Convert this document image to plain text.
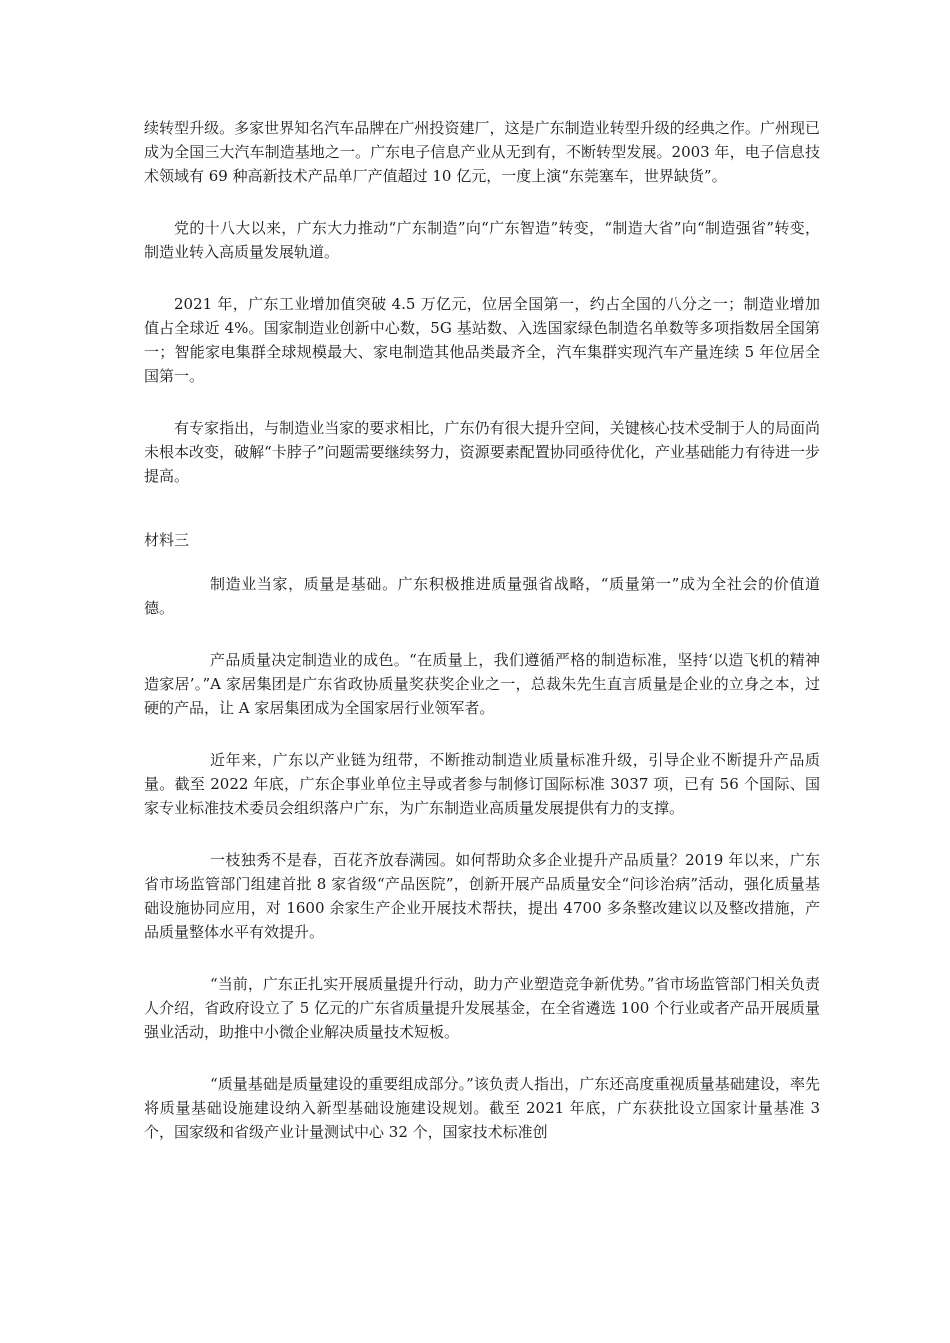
续转型升级。多家世界知名汽车品牌在广州投资建厂，这是广东制造业转型升级的经典之作。广州现已成为全国三大汽车制造基地之一。广东电子信息产业从无到有，不断转型发展。2003 年，电子信息技术领域有 69 种高新技术产品单厂产值超过 10 亿元，一度上演“东莞塞车，世界缺货”。

党的十八大以来，广东大力推动“广东制造”向“广东智造”转变，“制造大省”向“制造强省”转变，制造业转入高质量发展轨道。

2021 年，广东工业增加值突破 4.5 万亿元，位居全国第一，约占全国的八分之一；制造业增加值占全球近 4%。国家制造业创新中心数，5G 基站数、入选国家绿色制造名单数等多项指数居全国第一；智能家电集群全球规模最大、家电制造其他品类最齐全，汽车集群实现汽车产量连续 5 年位居全国第一。

有专家指出，与制造业当家的要求相比，广东仍有很大提升空间，关键核心技术受制于人的局面尚未根本改变，破解“卡脖子”问题需要继续努力，资源要素配置协同亟待优化，产业基础能力有待进一步提高。

材料三

制造业当家，质量是基础。广东积极推进质量强省战略，“质量第一”成为全社会的价值道德。

产品质量决定制造业的成色。“在质量上，我们遵循严格的制造标准，坚持‘以造飞机的精神造家居’。”A 家居集团是广东省政协质量奖获奖企业之一，总裁朱先生直言质量是企业的立身之本，过硬的产品，让 A 家居集团成为全国家居行业领军者。

近年来，广东以产业链为纽带，不断推动制造业质量标准升级，引导企业不断提升产品质量。截至 2022 年底，广东企事业单位主导或者参与制修订国际标准 3037 项，已有 56 个国际、国家专业标准技术委员会组织落户广东，为广东制造业高质量发展提供有力的支撑。

一枝独秀不是春，百花齐放春满园。如何帮助众多企业提升产品质量？2019 年以来，广东省市场监管部门组建首批 8 家省级“产品医院”，创新开展产品质量安全“问诊治病”活动，强化质量基础设施协同应用，对 1600 余家生产企业开展技术帮扶，提出 4700 多条整改建议以及整改措施，产品质量整体水平有效提升。

“当前，广东正扎实开展质量提升行动，助力产业塑造竞争新优势。”省市场监管部门相关负责人介绍，省政府设立了 5 亿元的广东省质量提升发展基金，在全省遴选 100 个行业或者产品开展质量强业活动，助推中小微企业解决质量技术短板。

“质量基础是质量建设的重要组成部分。”该负责人指出，广东还高度重视质量基础建设，率先将质量基础设施建设纳入新型基础设施建设规划。截至 2021 年底，广东获批设立国家计量基准 3 个，国家级和省级产业计量测试中心 32 个，国家技术标准创
